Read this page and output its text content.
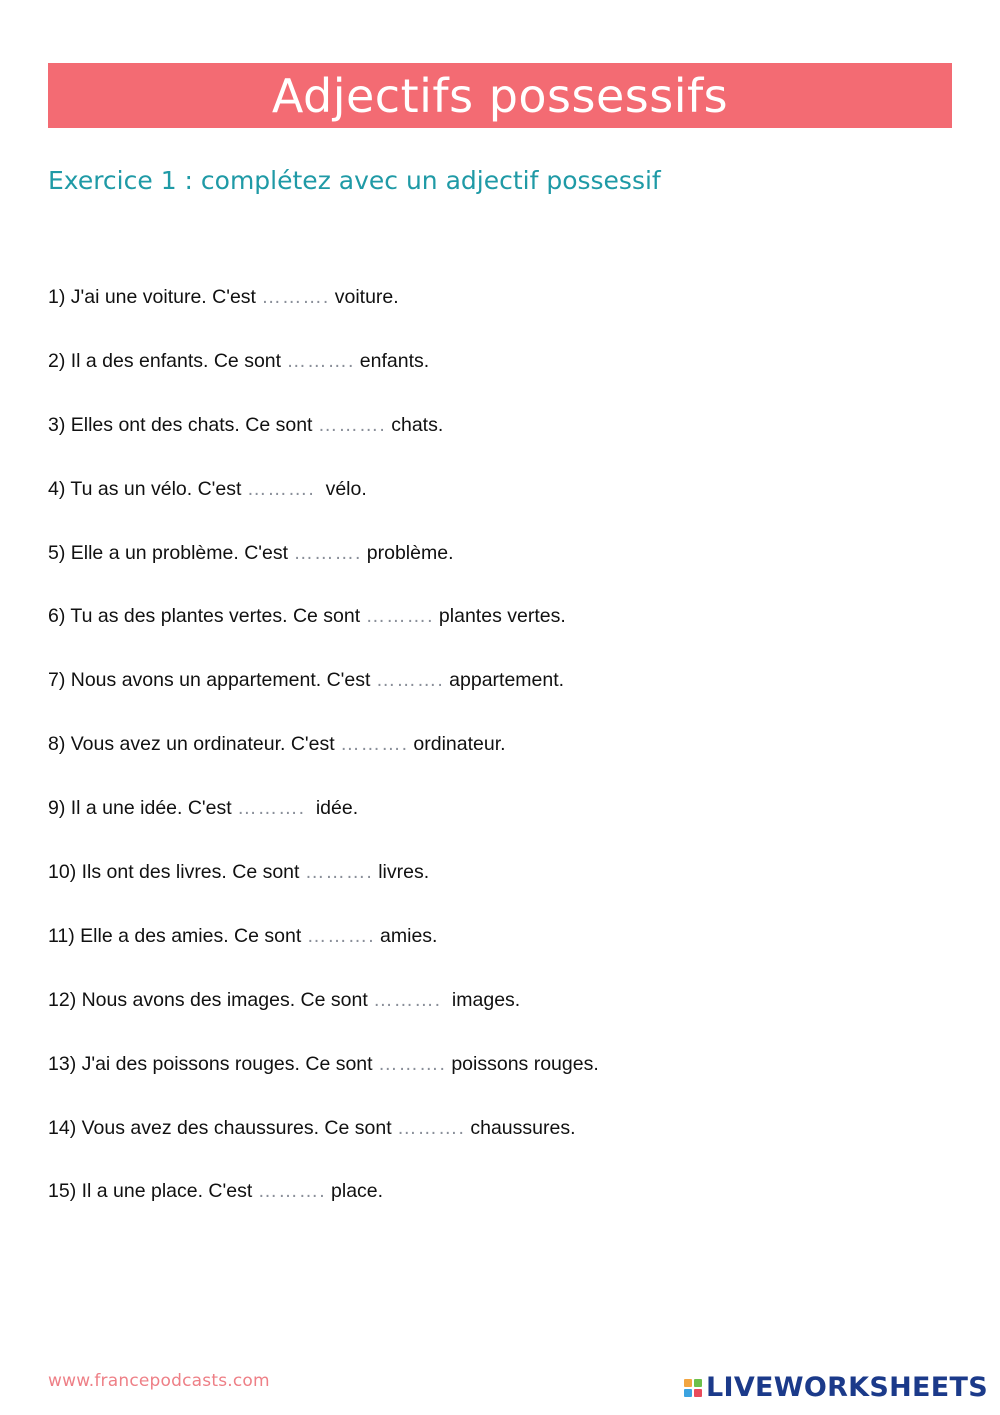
Adjectifs possessifs
Exercice 1 : complétez avec un adjectif possessif
1) J'ai une voiture. C'est ………. voiture.
2) Il a des enfants. Ce sont ………. enfants.
3) Elles ont des chats. Ce sont ………. chats.
4) Tu as un vélo. C'est ……….  vélo.
5) Elle a un problème. C'est ………. problème.
6) Tu as des plantes vertes. Ce sont ………. plantes vertes.
7) Nous avons un appartement. C'est ………. appartement.
8) Vous avez un ordinateur. C'est ………. ordinateur.
9) Il a une idée. C'est ……….  idée.
10) Ils ont des livres. Ce sont ………. livres.
11) Elle a des amies. Ce sont ………. amies.
12) Nous avons des images. Ce sont ……….  images.
13) J'ai des poissons rouges. Ce sont ………. poissons rouges.
14) Vous avez des chaussures. Ce sont ………. chaussures.
15) Il a une place. C'est ………. place.
www.francepodcasts.com	LIVEWORKSHEETS
